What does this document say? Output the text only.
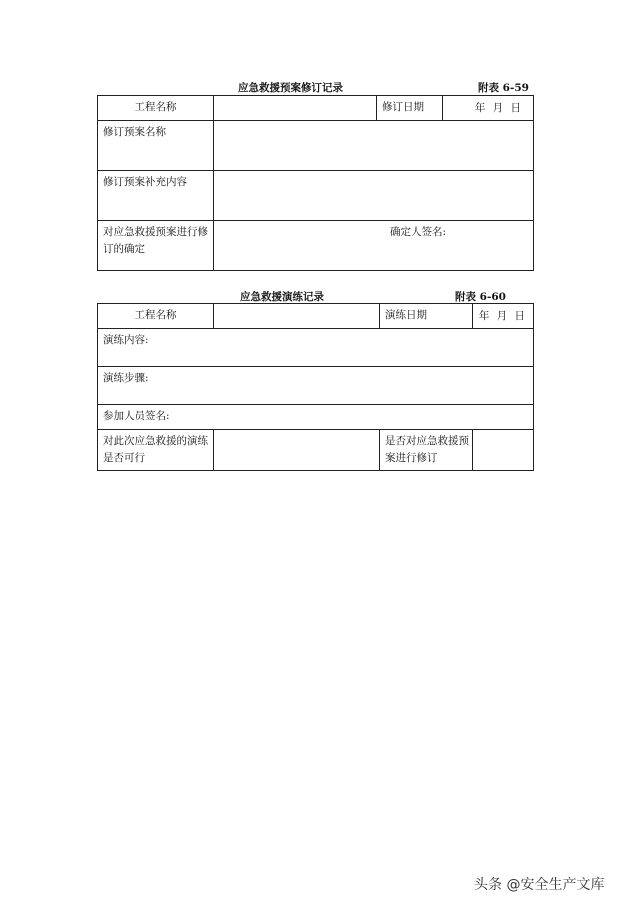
应急救援预案修订记录	附表 6-59
工程名称		修订日期	年 月 日
修订预案名称			
修订预案补充内容			
对应急救援预案进行修订的确定	确定人签名:		
应急救援演练记录	附表 6-60
工程名称		演练日期	年 月 日
演练内容:			
演练步骤:			
参加人员签名:			
对此次应急救援的演练是否可行		是否对应急救援预案进行修订	
头条 @安全生产文库
